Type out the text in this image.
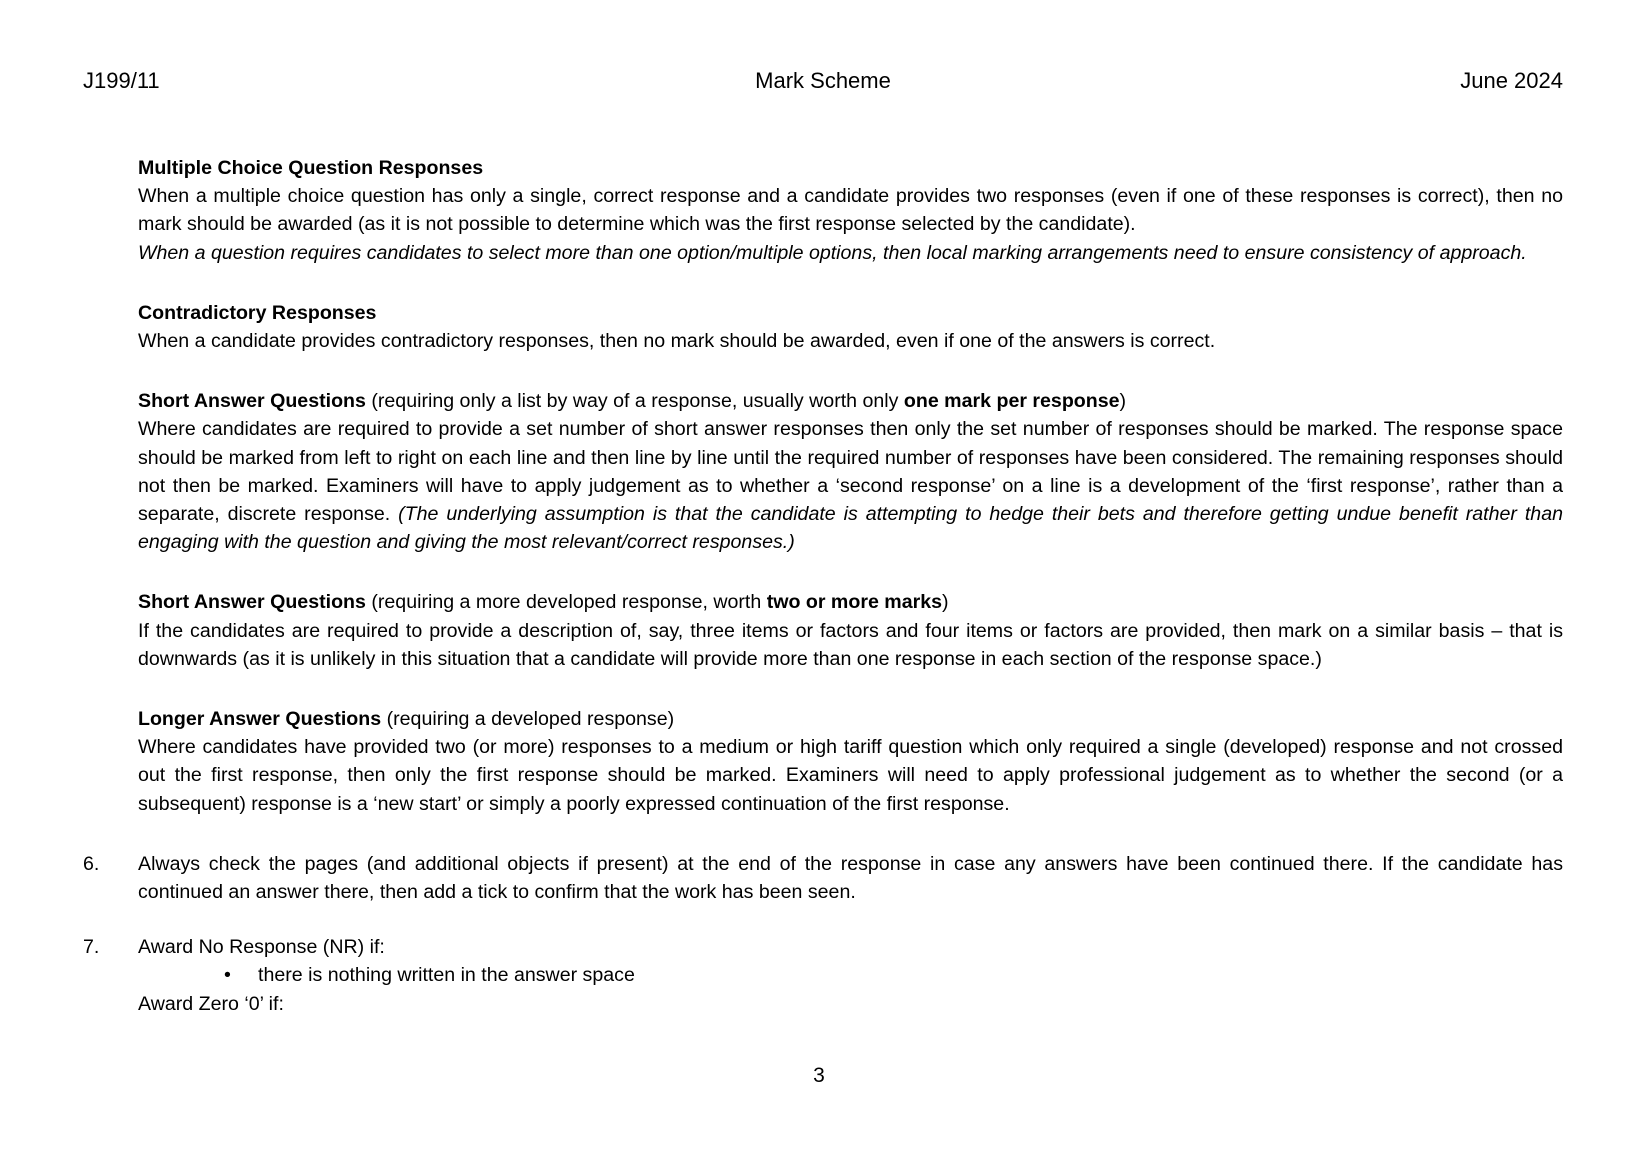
J199/11	Mark Scheme	June 2024

Multiple Choice Question Responses

When a multiple choice question has only a single, correct response and a candidate provides two responses (even if one of these responses is correct), then no mark should be awarded (as it is not possible to determine which was the first response selected by the candidate).

When a question requires candidates to select more than one option/multiple options, then local marking arrangements need to ensure consistency of approach.

Contradictory Responses

When a candidate provides contradictory responses, then no mark should be awarded, even if one of the answers is correct.

Short Answer Questions (requiring only a list by way of a response, usually worth only one mark per response)

Where candidates are required to provide a set number of short answer responses then only the set number of responses should be marked. The response space should be marked from left to right on each line and then line by line until the required number of responses have been considered. The remaining responses should not then be marked. Examiners will have to apply judgement as to whether a ‘second response’ on a line is a development of the ‘first response’, rather than a separate, discrete response. (The underlying assumption is that the candidate is attempting to hedge their bets and therefore getting undue benefit rather than engaging with the question and giving the most relevant/correct responses.)

Short Answer Questions (requiring a more developed response, worth two or more marks)

If the candidates are required to provide a description of, say, three items or factors and four items or factors are provided, then mark on a similar basis – that is downwards (as it is unlikely in this situation that a candidate will provide more than one response in each section of the response space.)

Longer Answer Questions (requiring a developed response)

Where candidates have provided two (or more) responses to a medium or high tariff question which only required a single (developed) response and not crossed out the first response, then only the first response should be marked. Examiners will need to apply professional judgement as to whether the second (or a subsequent) response is a ‘new start’ or simply a poorly expressed continuation of the first response.

6. Always check the pages (and additional objects if present) at the end of the response in case any answers have been continued there. If the candidate has continued an answer there, then add a tick to confirm that the work has been seen.

7. Award No Response (NR) if:

• there is nothing written in the answer space

Award Zero ‘0’ if:

3
